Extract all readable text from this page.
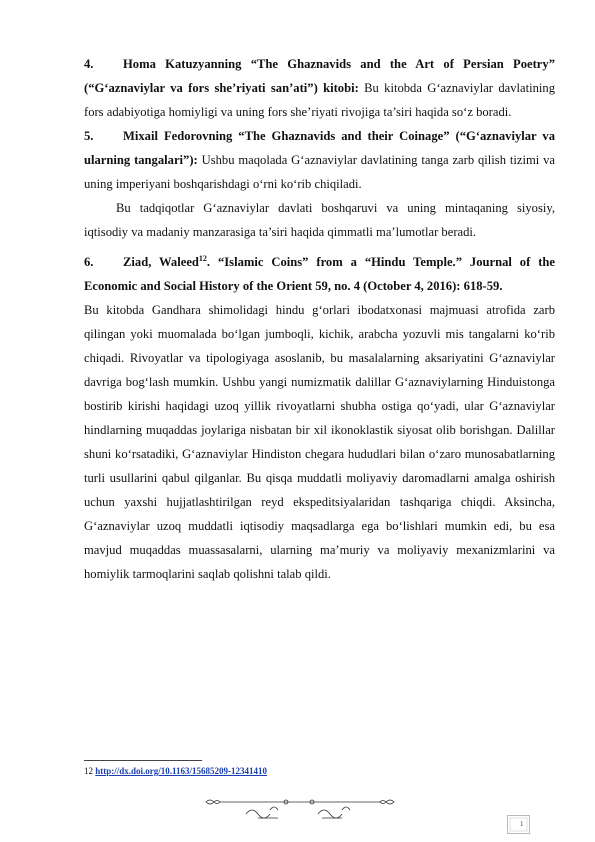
4. Homa Katuzyanning “The Ghaznavids and the Art of Persian Poetry” (“G‘aznaviylar va fors she’riyati san’ati”) kitobi: Bu kitobda G‘aznaviylar davlatining fors adabiyotiga homiyligi va uning fors she’riyati rivojiga ta’siri haqida so‘z boradi.

5. Mixail Fedorovning “The Ghaznavids and their Coinage” (“G‘aznaviylar va ularning tangalari”): Ushbu maqolada G‘aznaviylar davlatining tanga zarb qilish tizimi va uning imperiyani boshqarishdagi o‘rni ko‘rib chiqiladi.

Bu tadqiqotlar G‘aznaviylar davlati boshqaruvi va uning mintaqaning siyosiy, iqtisodiy va madaniy manzarasiga ta’siri haqida qimmatli ma’lumotlar beradi.

6. Ziad, Waleed$^{12}$. “Islamic Coins” from a “Hindu Temple.” Journal of the Economic and Social History of the Orient 59, no. 4 (October 4, 2016): 618-59.

Bu kitobda Gandhara shimolidagi hindu g‘orlari ibodatxonasi majmuasi atrofida zarb qilingan yoki muomalada bo‘lgan jumboqli, kichik, arabcha yozuvli mis tangalarni ko‘rib chiqadi. Rivoyatlar va tipologiyaga asoslanib, bu masalalarning aksariyatini G‘aznaviylar davriga bog‘lash mumkin. Ushbu yangi numizmatik dalillar G‘aznaviylarning Hinduistonga bostirib kirishi haqidagi uzoq yillik rivoyatlarni shubha ostiga qo‘yadi, ular G‘aznaviylar hindlarning muqaddas joylariga nisbatan bir xil ikonoklastik siyosat olib borishgan. Dalillar shuni ko‘rsatadiki, G‘aznaviylar Hindiston chegara hududlari bilan o‘zaro munosabatlarning turli usullarini qabul qilganlar. Bu qisqa muddatli moliyaviy daromadlarni amalga oshirish uchun yaxshi hujjatlashtirilgan reyd ekspeditsiyalaridan tashqariga chiqdi. Aksincha, G‘aznaviylar uzoq muddatli iqtisodiy maqsadlarga ega bo‘lishlari mumkin edi, bu esa mavjud muqaddas muassasalarni, ularning ma’muriy va moliyaviy mexanizmlarini va homiylik tarmoqlarini saqlab qolishni talab qildi.

12 http://dx.doi.org/10.1163/15685209-12341410
1
